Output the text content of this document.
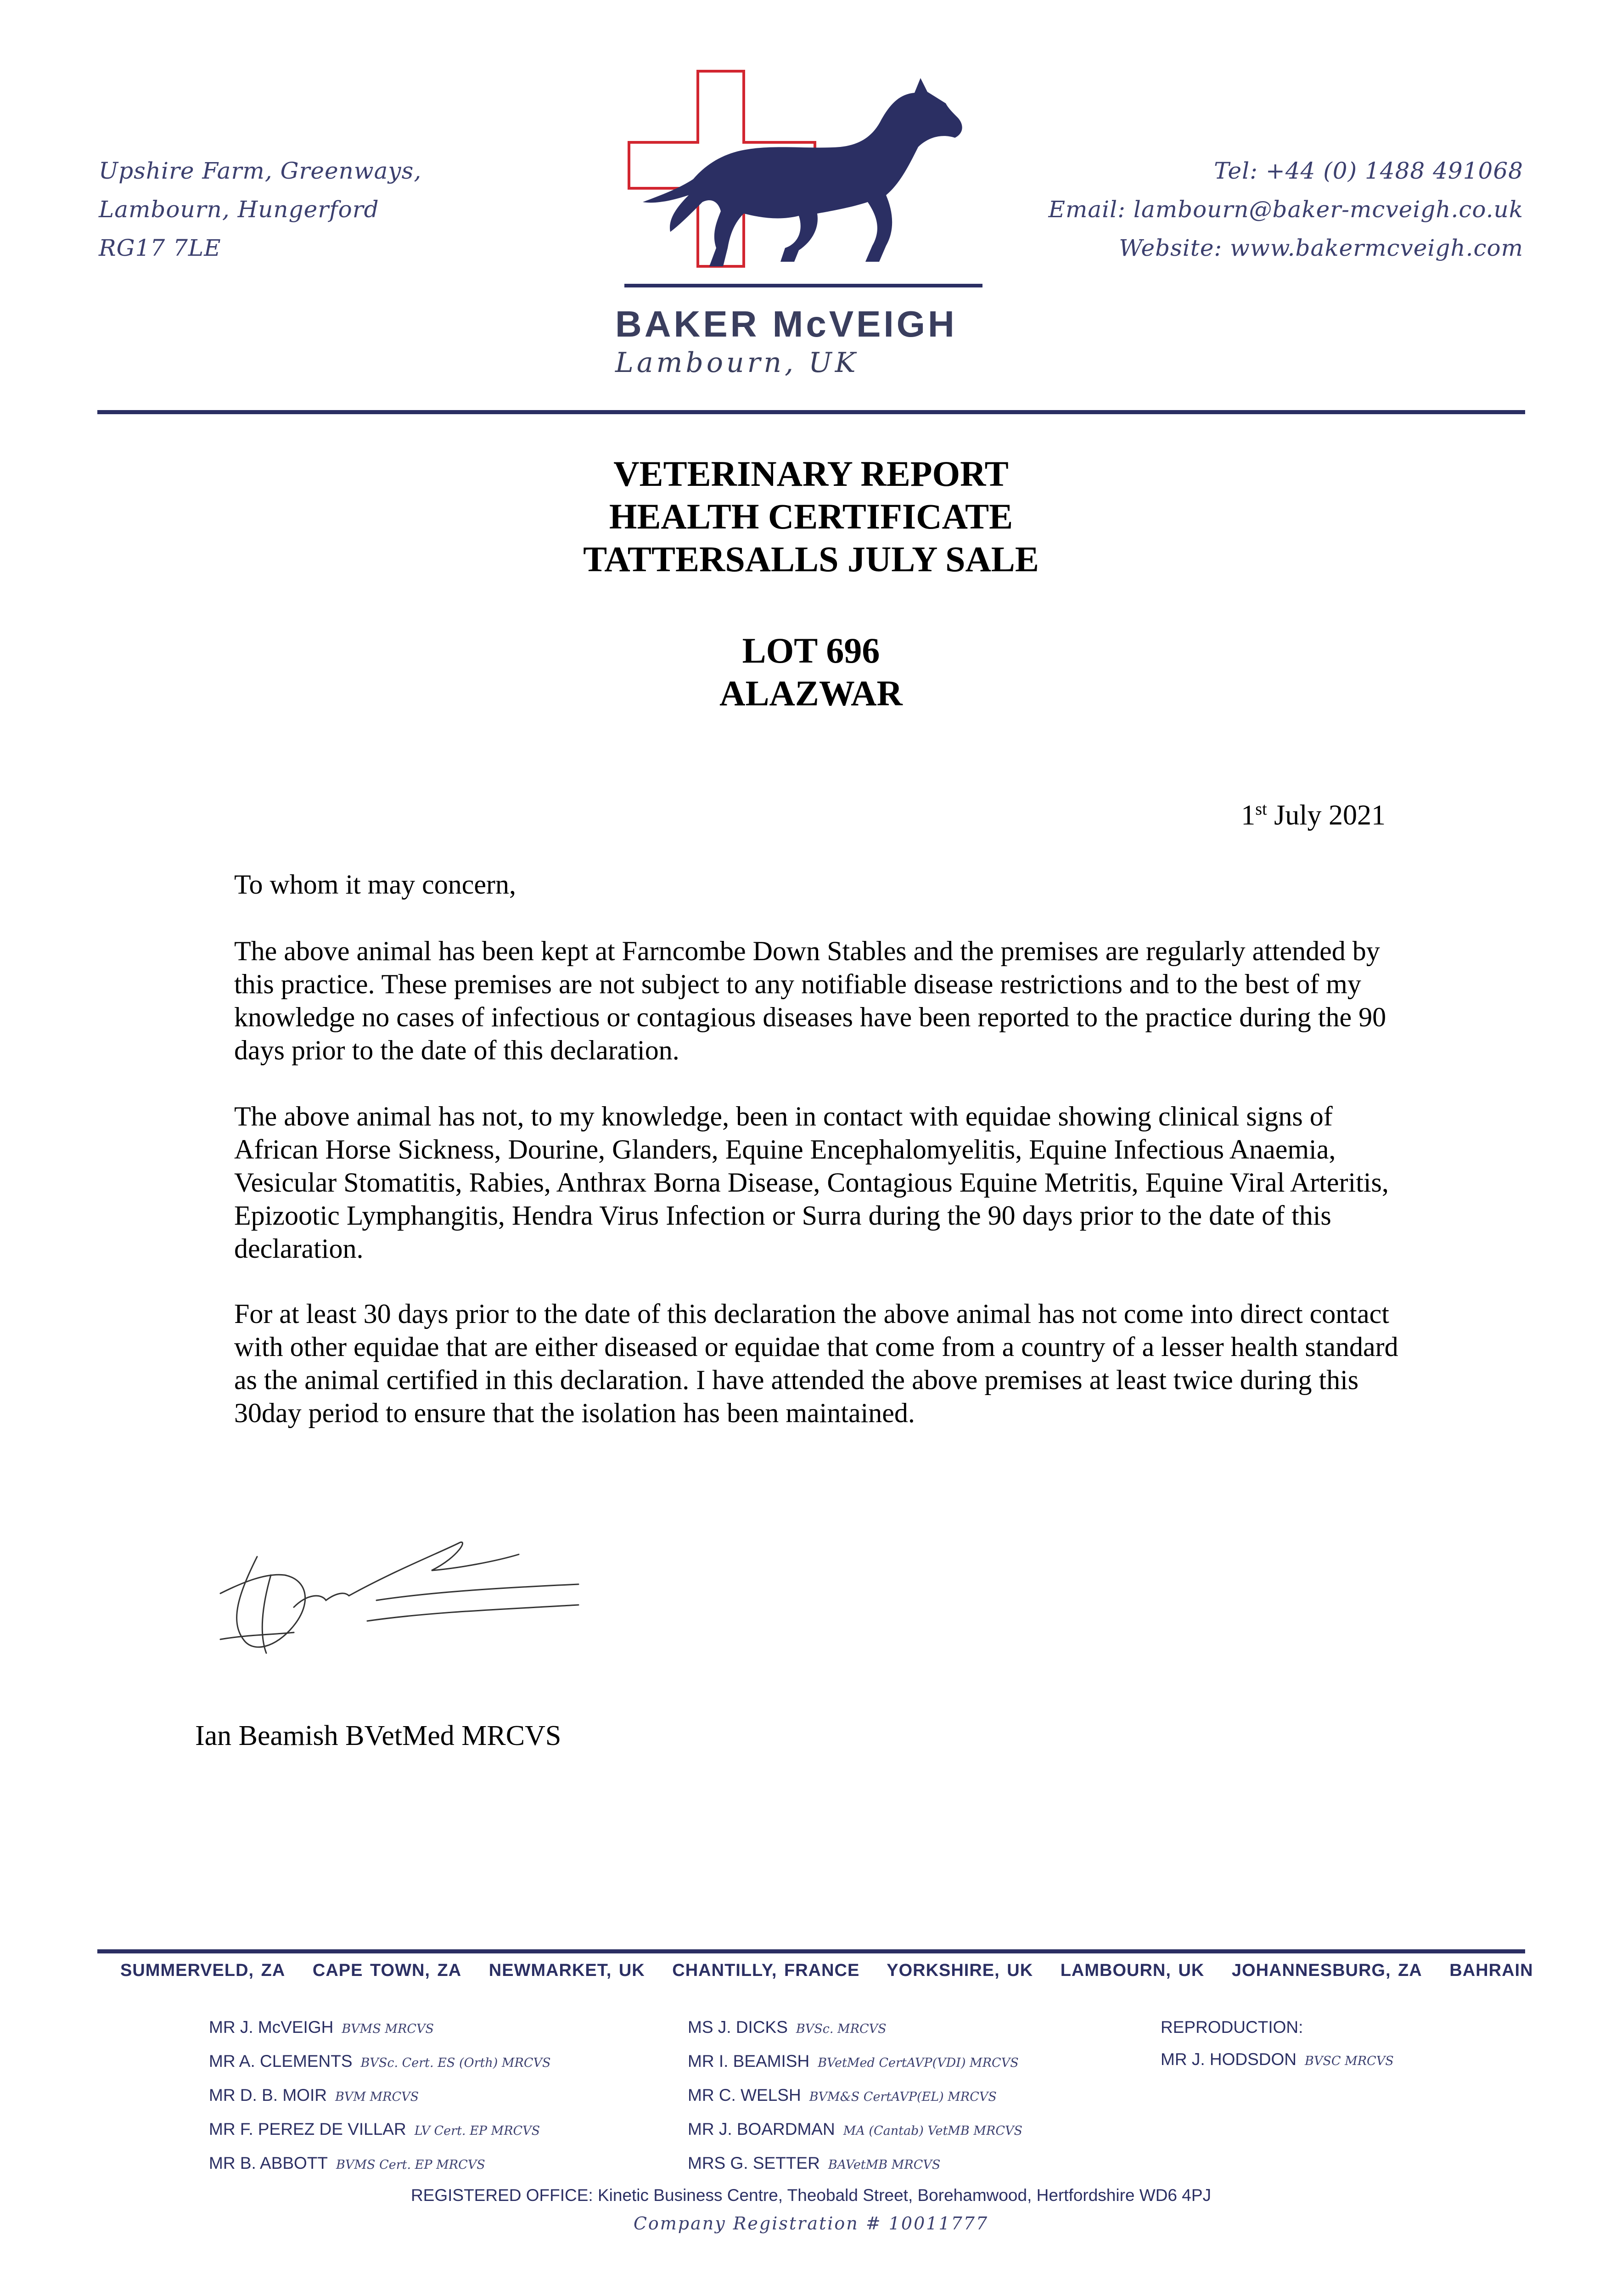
Upshire Farm, Greenways,
Lambourn, Hungerford
RG17 7LE
Tel: +44 (0) 1488 491068
Email: lambourn@baker-mcveigh.co.uk
Website: www.bakermcveigh.com
BAKER McVEIGH
Lambourn, UK
VETERINARY REPORT
HEALTH CERTIFICATE
TATTERSALLS JULY SALE
LOT 696
ALAZWAR
1st July 2021
To whom it may concern,
The above animal has been kept at Farncombe Down Stables and the premises are regularly attended by this practice. These premises are not subject to any notifiable disease restrictions and to the best of my knowledge no cases of infectious or contagious diseases have been reported to the practice during the 90 days prior to the date of this declaration.
The above animal has not, to my knowledge, been in contact with equidae showing clinical signs of African Horse Sickness, Dourine, Glanders, Equine Encephalomyelitis, Equine Infectious Anaemia, Vesicular Stomatitis, Rabies, Anthrax Borna Disease, Contagious Equine Metritis, Equine Viral Arteritis, Epizootic Lymphangitis, Hendra Virus Infection or Surra during the 90 days prior to the date of this declaration.
For at least 30 days prior to the date of this declaration the above animal has not come into direct contact with other equidae that are either diseased or equidae that come from a country of a lesser health standard as the animal certified in this declaration. I have attended the above premises at least twice during this 30day period to ensure that the isolation has been maintained.
Ian Beamish BVetMed MRCVS
SUMMERVELD, ZA CAPE TOWN, ZA NEWMARKET, UK CHANTILLY, FRANCE YORKSHIRE, UK LAMBOURN, UK JOHANNESBURG, ZA BAHRAIN
MR J. McVEIGH BVMS MRCVS
MR A. CLEMENTS BVSc. Cert. ES (Orth) MRCVS
MR D. B. MOIR BVM MRCVS
MR F. PEREZ DE VILLAR LV Cert. EP MRCVS
MR B. ABBOTT BVMS Cert. EP MRCVS
MS J. DICKS BVSc. MRCVS
MR I. BEAMISH BVetMed CertAVP(VDI) MRCVS
MR C. WELSH BVM&S CertAVP(EL) MRCVS
MR J. BOARDMAN MA (Cantab) VetMB MRCVS
MRS G. SETTER BAVetMB MRCVS
REPRODUCTION:
MR J. HODSDON BVSC MRCVS
REGISTERED OFFICE: Kinetic Business Centre, Theobald Street, Borehamwood, Hertfordshire WD6 4PJ
Company Registration # 10011777
